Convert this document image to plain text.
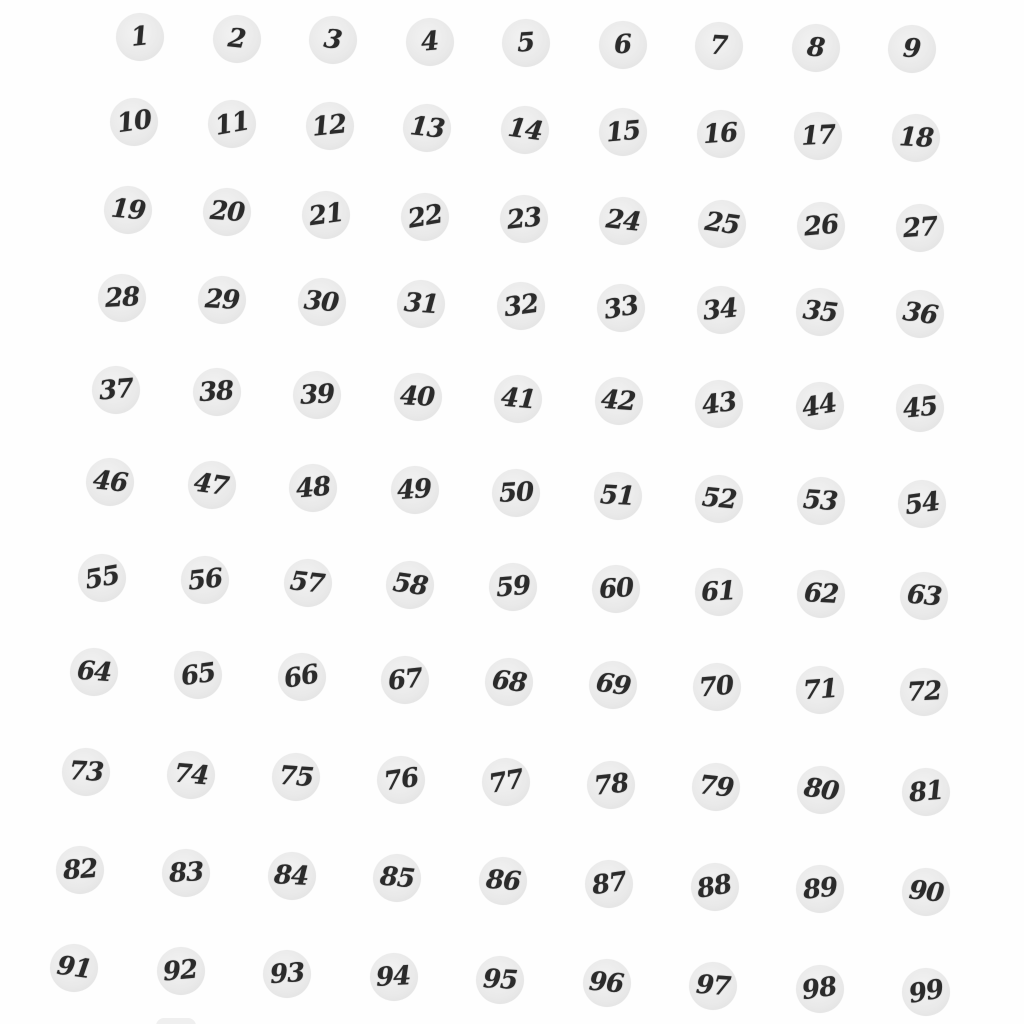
1	2	3	4	5	6	7	8	9
10 11 12 13 14 15 16 17 18
19 20 21 22 23 24 25 26 27
28 29 30 31 32 33 34 35 36
37 38 39 40 41 42 43 44 45
46 47 48	49	50	51	52	53 54
55 56	57	58	59	60	61	62	63
64	65	66	67	68	69	70	71	72
73	74	75	76	77	78	79	80	81
82	83	84	85	86	87	88	89	90
91	92	93	94	95	96	97	98	99
